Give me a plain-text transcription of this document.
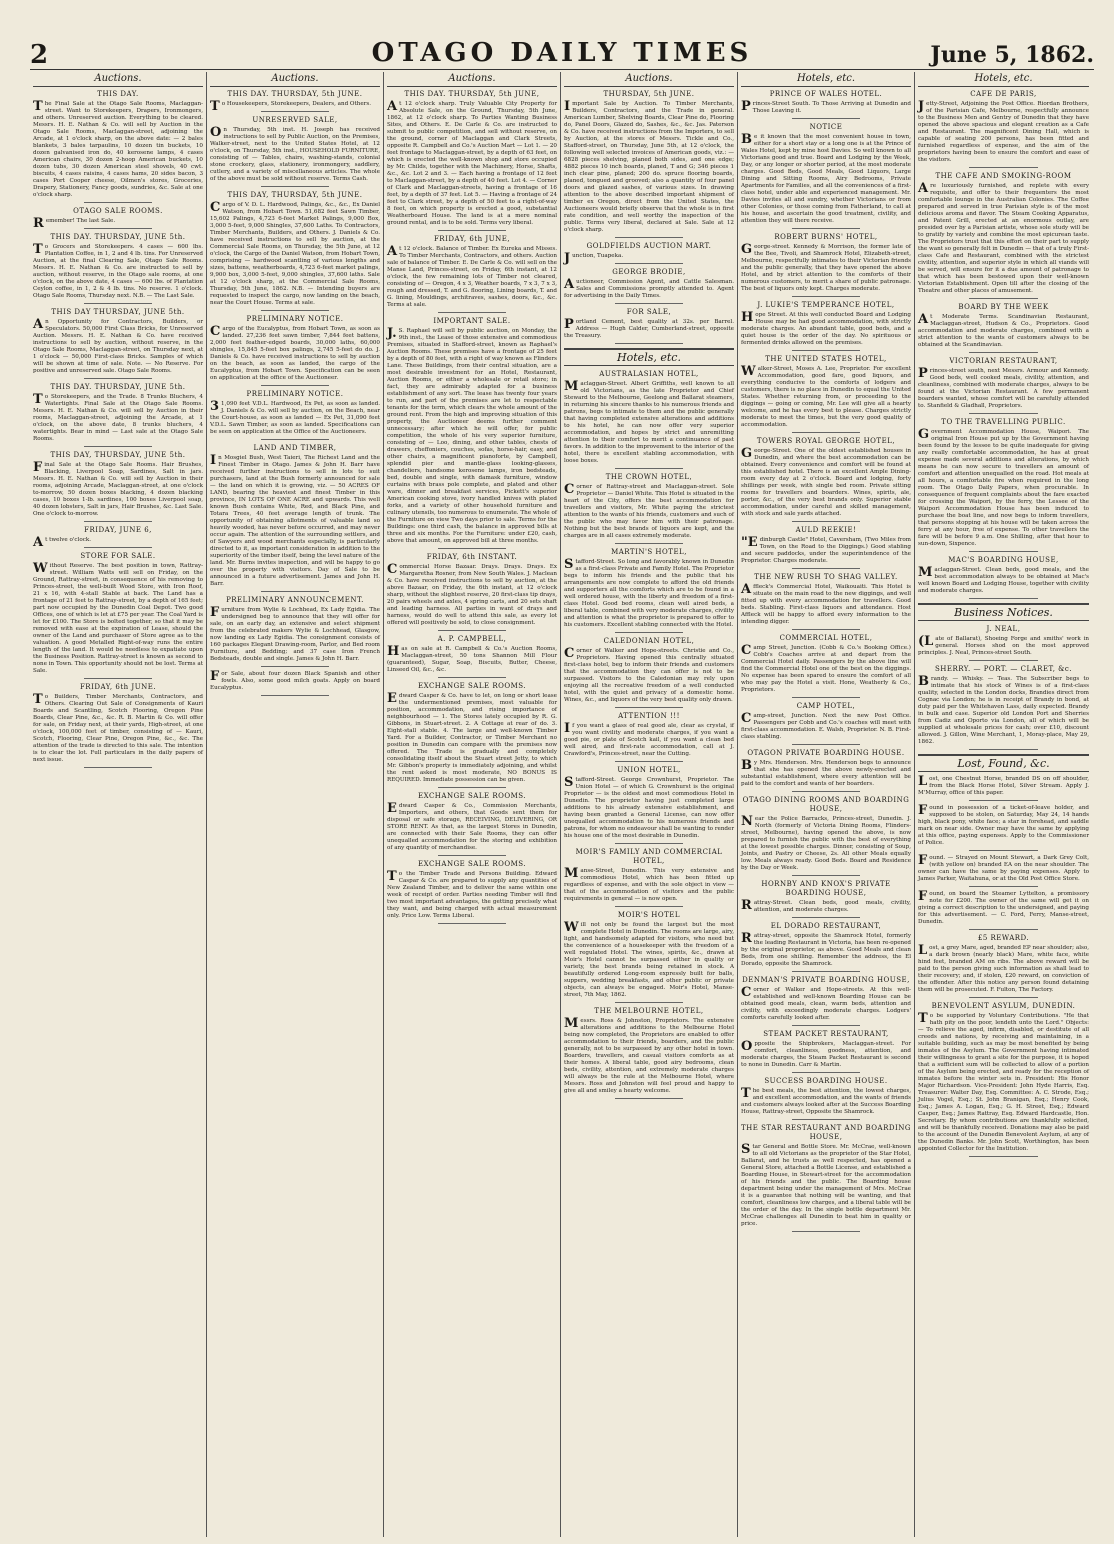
2	OTAGO DAILY TIMES	June 5, 1862.
Auctions.
THIS DAY.
The Final Sale at the Otago Sale Rooms, Maclaggan-street. Want to Storekeepers, Drapers, Ironmongers, and others. Unreserved auction. Everything to be cleared. Messrs. H. E. Nathan & Co. will sell by Auction in the Otago Sale Rooms, Maclaggan-street, adjoining the Arcade, at 1 o'clock sharp, on the above date: — 2 bales blankets, 3 bales tarpaulins, 10 dozen tin buckets, 10 dozen galvanised iron do, 40 kerosene lamps, 4 cases American chairs, 30 dozen 2-hoop American buckets, 10 dozen tubs, 30 dozen American steel shovels, 40 cwt. biscuits, 4 cases raisins, 4 cases hams, 20 sides bacon, 3 cases Port Cooper cheese, Oilmen's stores, Groceries, Drapery, Stationery, Fancy goods, sundries, &c. Sale at one o'clock sharp.
OTAGO SALE ROOMS.
Remember! The last Sale.
THIS DAY. THURSDAY, JUNE 5th.
To Grocers and Storekeepers. 4 cases — 600 lbs. Plantation Coffee, in 1, 2 and 4 lb. tins. For Unreserved Auction, at the final Clearing Sale, Otago Sale Rooms. Messrs. H. E. Nathan & Co. are instructed to sell by auction, without reserve, in the Otago sale rooms, at one o'clock, on the above date, 4 cases — 600 lbs. of Plantation Ceylon coffee, in 1, 2 & 4 lb. tins. No reserve. 1 o'clock. Otago Sale Rooms, Thursday next. N.B. — The Last Sale.
THIS DAY THURSDAY, JUNE 5th.
An Opportunity for Contractors, Builders, or Speculators. 50,000 First Class Bricks, for Unreserved Auction. Messrs. H. E. Nathan & Co. have received instructions to sell by auction, without reserve, in the Otago Sale Rooms, Maclaggan-street, on Thursday next, at 1 o'clock — 50,000 First-class Bricks. Samples of which will be shown at time of sale. Note. — No Reserve. For positive and unreserved sale. Otago Sale Rooms.
THIS DAY. THURSDAY, JUNE 5th.
To Storekeepers, and the Trade. 8 Trunks Bluchers, 4 Watertights. Final Sale at the Otago Sale Rooms. Messrs. H. E. Nathan & Co. will sell by Auction in their rooms, Maclaggan-street, adjoining the Arcade, at 1 o'clock, on the above date, 8 trunks bluchers, 4 watertights. Bear in mind — Last sale at the Otago Sale Rooms.
THIS DAY, THURSDAY, JUNE 5th.
Final Sale at the Otago Sale Rooms. Hair Brushes, Blacking, Liverpool Soap, Sardines, Salt in jars. Messrs. H. E. Nathan & Co. will sell by Auction in their rooms, adjoining Arcade, Maclaggan-street, at one o'clock to-morrow, 50 dozen boxes blacking, 4 dozen blacking cases, 10 boxes 1-lb. sardines, 100 boxes Liverpool soap, 40 dozen lobsters, Salt in jars, Hair Brushes, &c. Last Sale. One o'clock to-morrow.
FRIDAY, JUNE 6,
At twelve o'clock.
STORE FOR SALE.
Without Reserve. The best position in town, Rattray-street. William Watts will sell on Friday, on the Ground, Rattray-street, in consequence of his removing to Princes-street, the well-built Wood Store, with Iron Roof, 21 x 16, with 4-stall Stable at back. The Land has a frontage of 21 feet to Rattray-street, by a depth of 165 feet; part now occupied by the Dunedin Coal Depot. Two good Offices, one of which is let at £75 per year. The Coal Yard is let for £100. The Store is bolted together, so that it may be removed with ease at the expiration of Lease, should the owner of the Land and purchaser of Store agree as to the valuation. A good Metalled Right-of-way runs the entire length of the land. It would be needless to expatiate upon the Business Position. Rattray-street is known as second to none in Town. This opportunity should not be lost. Terms at Sale.
FRIDAY, 6th JUNE.
To Builders, Timber Merchants, Contractors, and Others. Clearing Out Sale of Consignments of Kauri Boards and Scantling, Scotch Flooring, Oregon Pine Boards, Clear Pine, &c., &c. R. B. Martin & Co. will offer for sale, on Friday next, at their yards, High-street, at one o'clock, 100,000 feet of timber, consisting of — Kauri, Scotch, Flooring, Clear Pine, Oregon Pine, &c., &c. The attention of the trade is directed to this sale. The intention is to clear the lot. Full particulars in the daily papers of next issue.
Auctions.
THIS DAY. THURSDAY, 5th JUNE.
To Housekeepers, Storekeepers, Dealers, and Others.
UNRESERVED SALE,
On Thursday, 5th inst. H. Joseph has received instructions to sell by Public Auction, on the Premises, Walker-street, next to the United States Hotel, at 12 o'clock, on Thursday, 5th inst., HOUSEHOLD FURNITURE, consisting of — Tables, chairs, washing-stands, colonial stone crockery, glass, stationery, ironmongery, saddlery, cutlery, and a variety of miscellaneous articles. The whole of the above must be sold without reserve. Terms Cash.
THIS DAY, THURSDAY, 5th JUNE.
Cargo of V. D. L. Hardwood, Palings, &c., &c., Ex Daniel Watson, from Hobart Town. 51,682 feet Sawn Timber, 15,602 Palings, 4,723 6-feet Market Palings, 9,000 Box, 3,000 5-feet, 9,000 Shingles, 37,600 Laths. To Contractors, Timber Merchants, Builders, and Others. J. Daniels & Co. have received instructions to sell by auction, at the Commercial Sale Rooms, on Thursday, the 5th June, at 12 o'clock, the Cargo of the Daniel Watson, from Hobart Town, comprising — hardwood scantling of various lengths and sizes, battens, weatherboards, 4,723 6-feet market palings, 9,900 box, 3,000 5-feet, 9,000 shingles, 37,600 laths. Sale at 12 o'clock sharp, at the Commercial Sale Rooms, Thursday, 5th June, 1862. N.B. — Intending buyers are requested to inspect the cargo, now landing on the beach, near the Court House. Terms at sale.
PRELIMINARY NOTICE.
Cargo of the Eucalyptus, from Hobart Town, as soon as landed. 27,236 feet sawn timber, 7,844 feet battens, 2,000 feet feather-edged boards, 30,000 laths, 60,000 shingles, 15,845 5-feet box palings, 2,745 5-feet do do. J. Daniels & Co. have received instructions to sell by auction on the beach, as soon as landed, the cargo of the Eucalyptus, from Hobart Town. Specification can be seen on application at the office of the Auctioneer.
PRELIMINARY NOTICE.
31,090 feet V.D.L. Hardwood, Ex Pet, as soon as landed. J. Daniels & Co. will sell by auction, on the Beach, near the Court-house, as soon as landed — Ex Pet, 31,090 feet V.D.L. Sawn Timber, as soon as landed. Specifications can be seen on application at the Office of the Auctioneers.
LAND AND TIMBER,
In Mosgiel Bush, West Taieri, The Richest Land and the Finest Timber in Otago. James & John H. Barr have received further instructions to sell in lots to suit purchasers, land at the Bush formerly announced for sale — the land on which it is growing, viz. — 50 ACRES OF LAND, bearing the heaviest and finest Timber in this province, IN LOTS OF ONE ACRE and upwards. This well known Bush contains White, Red, and Black Pine, and Totara Trees, 40 feet average length of trunk. The opportunity of obtaining allotments of valuable land so heavily wooded, has never before occurred, and may never occur again. The attention of the surrounding settlers, and of Sawyers and wood merchants especially, is particularly directed to it, as important consideration in addition to the superiority of the timber itself, being the level nature of the land. Mr. Burns invites inspection, and will be happy to go over the property with visitors. Day of Sale to be announced in a future advertisement. James and John H. Barr.
PRELIMINARY ANNOUNCEMENT.
Furniture from Wylie & Lochhead, Ex Lady Egidia. The undersigned beg to announce that they will offer for sale, on an early day, an extensive and select shipment from the celebrated makers Wylie & Lochhead, Glasgow, now landing ex Lady Egidia. The consignment consists of 160 packages Elegant Drawing-room, Parlor, and Bed room Furniture, and Bedding; and 37 case Iron French Bedsteads, double and single. James & John H. Barr.
For Sale, about four dozen Black Spanish and other fowls. Also, some good milch goats. Apply on board Eucalyptus.
Auctions.
THIS DAY. THURSDAY, 5th JUNE,
At 12 o'clock sharp. Truly Valuable City Property for Absolute Sale, on the Ground, Thursday, 5th June, 1862, at 12 o'clock sharp. To Parties Wanting Business Sites, and Others. E. De Carle & Co. are instructed to submit to public competition, and sell without reserve, on the ground, corner of Maclaggan and Clark Streets, opposite R. Campbell and Co.'s Auction Mart — Lot 1. — 20 feet frontage to Maclaggan-street, by a depth of 63 feet, on which is erected the well-known shop and store occupied by Mr. Childs, together with the Machinery, Horse, Shafts, &c., &c. Lot 2 and 3. — Each having a frontage of 12 feet to Maclaggan-street, by a depth of 40 feet. Lot 4. — Corner of Clark and Maclaggan-streets, having a frontage of 16 feet, by a depth of 37 feet. Lot 5. — Having a frontage of 24 feet to Clark street, by a depth of 50 feet to a right-of-way 8 feet, on which property is erected a good, substantial Weatherboard House. The land is at a mere nominal ground rental, and is to be sold. Terms very liberal.
FRIDAY, 6th JUNE,
At 12 o'clock. Balance of Timber. Ex Eureka and Misses. To Timber Merchants, Contractors, and others. Auction sale of balance of Timber. E. De Carle & Co. will sell on the Manse Land, Princes-street, on Friday, 6th instant, at 12 o'clock, the few remaining lots of Timber not cleared, consisting of — Oregon, 4 x 3, Weather boards, 7 x 3, 7 x 3, rough and dressed, T. and G. flooring, Lining boards, T. and G. lining, Mouldings, architraves, sashes, doors, &c., &c. Terms at sale.
IMPORTANT SALE.
J.S. Raphael will sell by public auction, on Monday, the 9th inst., the Lease of those extensive and commodious Premises, situated in Stafford-street, known as Raphael's Auction Rooms. These premises have a frontage of 25 feet by a depth of 80 feet, with a right of way known as Flinders Lane. These Buildings, from their central situation, are a most desirable investment for an Hotel, Restaurant, Auction Rooms, or either a wholesale or retail store; in fact, they are admirably adapted for a business establishment of any sort. The lease has twenty four years to run, and part of the premises are let to respectable tenants for the term, which clears the whole amount of the ground rent. From the high and improving situation of this property, the Auctioneer deems further comment unnecessary; after which he will offer, for public competition, the whole of his very superior furniture, consisting of — Loo, dining, and other tables, chests of drawers, cheffoniers, couches, sofas, horse-hair, easy, and other chairs, a magnificent pianoforte, by Campbell, splendid pier and mantle-glass looking-glasses, chandeliers, handsome kerosene lamps, iron bedsteads, bed, double and single, with damask furniture, window curtains with brass pole complete, and plated and other ware, dinner and breakfast services, Pickett's superior American cooking stove, ivory handled knives with plated forks, and a variety of other household furniture and culinary utensils, too numerous to enumerate. The whole of the Furniture on view Two days prior to sale. Terms for the Buildings: one third cash, the balance in approved bills at three and six months. For the Furniture: under £20, cash, above that amount, on approved bill at three months.
FRIDAY, 6th INSTANT.
Commercial Horse Bazaar. Drays. Drays. Drays. Ex Margaretha Rosner, from New South Wales. J. Maclean & Co. have received instructions to sell by auction, at the above Bazaar, on Friday, the 6th instant, at 12 o'clock sharp, without the slightest reserve, 20 first-class tip drays, 20 pairs wheels and axles, 4 spring carts, and 20 sets shaft and leading harness. All parties in want of drays and harness, would do well to attend this sale, as every lot offered will positively be sold, to close consignment.
A. P. CAMPBELL,
Has on sale at R. Campbell & Co.'s Auction Rooms, Maclaggan-street, 50 tons Shannon Mill Flour (guaranteed), Sugar, Soap, Biscuits, Butter, Cheese, Linseed Oil, &c., &c.
EXCHANGE SALE ROOMS.
Edward Casper & Co. have to let, on long or short lease the undermentioned premises, most valuable for position, accommodation, and rising importance of neighbourhood — 1. The Stores lately occupied by R. G. Gibbons, in Stuart-street. 2. A Cottage at rear of do. 3. Eight-stall stable. 4. The large and well-known Timber Yard. For a Builder, Contractor, or Timber Merchant no position in Dunedin can compare with the premises now offered. The Trade is gradually and completely consolidating itself about the Stuart street Jetty, to which Mr. Gibbon's property is immediately adjoining, and whilst the rent asked is most moderate, NO BONUS IS REQUIRED. Immediate possession can be given.
EXCHANGE SALE ROOMS.
Edward Casper & Co., Commission Merchants, Importers, and others, that Goods sent them for disposal or safe storage, RECEIVING, DELIVERING, OR STORE RENT. As that, as the largest Stores in Dunedin, are connected with their Sale Rooms, they can offer unequalled accommodation for the storing and exhibition of any quantity of merchandise.
EXCHANGE SALE ROOMS.
To the Timber Trade and Persons Building. Edward Caspar & Co. are prepared to supply any quantities of New Zealand Timber, and to deliver the same within one week of receipt of order. Parties needing Timber will find two most important advantages, the getting precisely what they want, and being charged with actual measurement only. Price Low. Terms Liberal.
Auctions.
THURSDAY, 5th JUNE.
Important Sale by Auction. To Timber Merchants, Builders, Contractors, and the Trade in general. American Lumber, Shelving Boards, Clear Pine do, Flooring do, Panel Doors, Glazed do, Sashes, &c., &c. Jas. Paterson & Co. have received instructions from the Importers, to sell by Auction, at the stores of Messrs. Tickle and Co., Stafford-street, on Thursday, June 5th, at 12 o'clock, the following well selected invoices of American goods, viz.: — 6828 pieces shelving, planed both sides, and one edge; 4882 pieces 10 inch boards, planed, T and G; 346 pieces 1 inch clear pine, planed; 200 do. spruce flooring boards, planed, tongued and grooved; also a quantity of four panel doors and glazed sashes, of various sizes. In drawing attention to the above described important shipment of timber ex Oregon, direct from the United States, the Auctioneers would briefly observe that the whole is in first rate condition, and well worthy the inspection of the public. Terms very liberal, declared at Sale. Sale at 12 o'clock sharp.
GOLDFIELDS AUCTION MART.
Junction, Tuapeka.
GEORGE BRODIE,
Auctioneer, Commission Agent, and Cattle Salesman. Sales and Commissions promptly attended to. Agent for advertising in the Daily Times.
FOR SALE,
Portland Cement, best quality at 32s. per Barrel. Address — Hugh Calder, Cumberland-street, opposite the Treasury.
Hotels, etc.
AUSTRALASIAN HOTEL,
Maclaggan-Street. Albert Griffiths, well known to all old Victorians, as the late Proprietor and Chief Steward to the Melbourne, Geelong and Ballarat steamers, in returning his sincere thanks to his numerous friends and patrons, begs to intimate to them and the public generally that having completed extensive alterations and additions to his hotel, he can now offer very superior accommodation, and hopes by strict and unremitting attention to their comfort to merit a continuance of past favors. In addition to the improvement to the interior of the hotel, there is excellent stabling accommodation, with loose boxes.
THE CROWN HOTEL,
Corner of Rattray-street and Maclaggan-street. Sole Proprietor — Daniel White. This Hotel is situated in the heart of the City, offers the best accommodation for travellers and visitors, Mr. White paying the strictest attention to the wants of his friends, customers and such of the public who may favor him with their patronage. Nothing but the best brands of liquors are kept, and the charges are in all cases extremely moderate.
MARTIN'S HOTEL,
Stafford-Street. So long and favorably known in Dunedin as a first-class Private and Family Hotel. The Proprietor begs to inform his friends and the public that his arrangements are now complete to afford the old friends and supporters all the comforts which are to be found in a well ordered house, with the liberty and freedom of a first-class Hotel. Good bed rooms, clean well aired beds, a liberal table, combined with very moderate charges, civility and attention is what the proprietor is prepared to offer to his customers. Excellent stabling connected with the Hotel.
CALEDONIAN HOTEL,
Corner of Walker and Hope-streets. Christie and Co., Proprietors. Having opened this centrally situated first-class hotel, beg to inform their friends and customers that the accommodation they can offer is not to be surpassed. Visitors to the Caledonian may rely upon enjoying all the recreative freedom of a well conducted hotel, with the quiet and privacy of a domestic home. Wines, &c., and liquors of the very best quality only drawn.
ATTENTION !!!
If you want a glass of real good ale, clear as crystal, if you want civility and moderate charges, if you want a good pie, or plate of Scotch kail, if you want a clean bed well aired, and first-rate accommodation, call at J. Crawford's, Princes-street, near the Cutting.
UNION HOTEL,
Stafford-Street. George Crownhurst, Proprietor. The Union Hotel — of which G. Crownhurst is the original Proprietor — is the oldest and most commodious Hotel in Dunedin. The proprietor having just completed large additions to his already extensive establishment, and having been granted a General License, can now offer unequalled accommodation to his numerous friends and patrons, for whom no endeavour shall be wanting to render his house one of the most desirable in Dunedin.
MOIR'S FAMILY AND COMMERCIAL HOTEL,
Manse-Street, Dunedin. This very extensive and commodious Hotel, which has been fitted up regardless of expense, and with the sole object in view — that of the accommodation of visitors and the public requirements in general — is now open.
MOIR'S HOTEL
Will not only be found the largest but the most complete Hotel in Dunedin. The rooms are large, airy, light, and handsomely adapted for visitors, who need but the convenience of a housekeeper with the freedom of a well regulated Hotel. The wines, spirits, &c., drawn at Moir's Hotel cannot be surpassed either in quality or variety, the best brands being retained in stock. A beautifully ordered Long-room expressly built for balls, suppers, wedding breakfasts, and other public or private objects, can always be engaged. Moir's Hotel, Manse-street, 7th May, 1862.
THE MELBOURNE HOTEL,
Messrs. Ross & Johnston, Proprietors. The extensive alterations and additions to the Melbourne Hotel being now completed, the Proprietors are enabled to offer accommodation to their friends, boarders, and the public generally, not to be surpassed by any other hotel in town. Boarders, travellers, and casual visitors comforts as at their homes. A liberal table, good airy bedrooms, clean beds, civility, attention, and extremely moderate charges will always be the rule at the Melbourne Hotel, where Messrs. Ross and Johnston will feel proud and happy to give all and smiley a hearty welcome.
Hotels, etc.
PRINCE OF WALES HOTEL.
Princes-Street South. To Those Arriving at Dunedin and Those Leaving it.
NOTICE
Be it known that the most convenient house in town, either for a short stay or a long one is at the Prince of Wales Hotel, kept by mine host Davies. So well known to all Victorians good and true. Board and Lodging by the Week, Day, or any longer or shorter period, at the most moderate charges. Good Beds, Good Meals, Good Liquors, Large Dining and Sitting Rooms, Airy Bedrooms, Private Apartments for Families, and all the conveniences of a first-class hotel, under able and experienced management. Mr. Davies invites all and sundry, whether Victorians or from other Colonies, or those coming from Fatherland, to call at his house, and ascertain the good treatment, civility, and attention they will there receive.
ROBERT BURNS' HOTEL,
George-street. Kennedy & Morrison, the former late of the Bee, Tivoli, and Shamrock Hotel, Elizabeth-street, Melbourne, respectfully intimates to their Victorian friends and the public generally, that they have opened the above Hotel, and by strict attention to the comforts of their numerous customers, to merit a share of public patronage. The best of liquors only kept. Charges moderate.
J. LUKIE'S TEMPERANCE HOTEL,
Hope Street. At this well conducted Board and Lodging House may be had good accommodation, with strictly moderate charges. An abundant table, good beds, and a quiet house is the order of the day. No spirituous or fermented drinks allowed on the premises.
THE UNITED STATES HOTEL,
Walker-Street, Moses A. Lee, Proprietor. For excellent Accommodation, good fare, good liquors, and everything conducive to the comforts of lodgers and customers, there is no place in Dunedin to equal the United States. Whether returning from, or proceeding to the diggings — going or coming, Mr. Lee will give all a hearty welcome, and he has every best to please. Charges strictly moderate to meet the times, but the very good quality of accommodation.
TOWERS ROYAL GEORGE HOTEL,
George-Street. One of the oldest established houses in Dunedin, and where the best accommodation can be obtained. Every convenience and comfort will be found at this established hotel. There is an excellent Ample Dining-room every day at 2 o'clock. Board and lodging, forty shillings per week, with single bed room. Private sitting rooms for travellers and boarders. Wines, spirits, ale, porter, &c., of the very best brands only. Superior stable accommodation, under careful and skilled management, with stock and sale yards attached.
AULD REEKIE!
"Edinburgh Castle" Hotel, Caversham, (Two Miles from Town, on the Road to the Diggings.) Good stabling and secure paddocks, under the superintendence of the Proprietor. Charges moderate.
THE NEW RUSH TO SHAG VALLEY.
Affleck's Commercial Hotel, Waikouaiti. This Hotel is situate on the main road to the new diggings, and well fitted up with every accommodation for travellers. Good beds. Stabling. First-class liquors and attendance. Host Affleck will be happy to afford every information to the intending digger.
COMMERCIAL HOTEL,
Camp Street, Junction. (Cobb & Co.'s Booking Office.) Cobb's Coaches arrive at and depart from the Commercial Hotel daily. Passengers by the above line will find the Commercial Hotel one of the best on the diggings. No expense has been spared to ensure the comfort of all who may pay the Hotel a visit. Hone, Weatherly & Co., Proprietors.
CAMP HOTEL,
Camp-street, Junction. Next the new Post Office. Passengers per Cobb and Co.'s coaches will meet with first-class accommodation. E. Walsh, Proprietor. N. B. First-class stabling.
OTAGON PRIVATE BOARDING HOUSE.
By Mrs. Henderson. Mrs. Henderson begs to announce that she has opened the above newly-erected and substantial establishment, where every attention will be paid to the comfort and wants of her boarders.
OTAGO DINING ROOMS AND BOARDING HOUSE,
Near the Police Barracks, Princes-street, Dunedin. J. North (formerly of Victoria Dining Rooms, Flinders-street, Melbourne), having opened the above, is now prepared to furnish the public with the best of everything at the lowest possible charges. Dinner, consisting of Soup, Joints, and Pastry or Cheese, 2s. All other Meals equally low. Meals always ready. Good Beds. Board and Residence by the Day or Week.
HORNBY AND KNOX'S PRIVATE BOARDING HOUSE,
Rattray-Street. Clean beds, good meals, civility, attention, and moderate charges.
EL DORADO RESTAURANT,
Rattray-street, opposite the Shamrock Hotel, formerly the leading Restaurant in Victoria, has been re-opened by the original proprietor, as above. Good Meals and clean Beds, from one shilling. Remember the address, the El Dorado, opposite the Shamrock.
DENMAN'S PRIVATE BOARDING HOUSE,
Corner of Walker and Hope-streets. At this well-established and well-known Boarding House can be obtained good meals, clean, warm beds, attention and civility, with exceedingly moderate charges. Lodgers' comforts carefully looked after.
STEAM PACKET RESTAURANT,
Opposite the Shipbrokers, Maclaggan-street. For comfort, cleanliness, goodness, attention, and moderate charges, the Steam Packet Restaurant is second to none in Dunedin. Carr & Martin.
SUCCESS BOARDING HOUSE.
The best meals, the best attention, the lowest charges, and excellent accommodation, and the wants of friends and customers always looked after at the Success Boarding House, Rattray-street, Opposite the Shamrock.
THE STAR RESTAURANT AND BOARDING HOUSE,
Star General and Bottle Store. Mr. McCrae, well-known to all old Victorians as the proprietor of the Star Hotel, Ballarat, and he trusts as well respected, has opened a General Store, attached a Bottle License, and established a Boarding House, in Stewart-street for the accommodation of his friends and the public. The Boarding house department being under the management of Mrs. McCrae it is a guarantee that nothing will be wanting, and that comfort, cleanliness low charges, and a liberal table will be the order of the day. In the single bottle department Mr. McCrae challenges all Dunedin to beat him in quality or price.
Hotels, etc.
CAFE DE PARIS,
Jetty-Street, Adjoining the Post Office. Riordan Brothers, of the Parisian Cafe, Melbourne, respectfully announce to the Business Men and Gentry of Dunedin that they have opened the above spacious and elegant creation as a Cafe and Restaurant. The magnificent Dining Hall, which is capable of seating 200 persons, has been fitted and furnished regardless of expense, and the aim of the proprietors having been to ensure the comfort and ease of the visitors.
THE CAFE AND SMOKING-ROOM
Are luxuriously furnished, and replete with every requisite, and offer to their frequenters the most comfortable lounge in the Australian Colonies. The Coffee prepared and served in true Parisian style is of the most delicious aroma and flavor. The Steam Cooking Apparatus, and Patent Grill, erected at an enormous outlay, are presided over by a Parisian artiste, whose sole study will be to gratify by variety and combine the most epicurean taste. The Proprietors trust that this effort on their part to supply the want so generally felt in Dunedin — that of a truly First-class Cafe and Restaurant, combined with the strictest civility, attention, and superior style in which all viands will be served, will ensure for it a due amount of patronage to that which has been bestowed upon their well-known Victorian Establishment. Open till after the closing of the Theatre and other places of amusement.
BOARD BY THE WEEK
At Moderate Terms. Scandinavian Restaurant, Maclaggan-street, Hudson & Co., Proprietors. Good accommodation and moderate charges, combined with a strict attention to the wants of customers always to be obtained at the Scandinavian.
VICTORIAN RESTAURANT,
Princes-street south, next Messrs. Armour and Kennedy. Good beds, well cooked meals, civility, attention, and cleanliness, combined with moderate charges, always to be found at the Victorian Restaurant. A few permanent boarders wanted, whose comfort will be carefully attended to. Stanfield & Gladhall, Proprietors.
TO THE TRAVELLING PUBLIC.
Government Accommodation House, Waipori. The original Iron House put up by the Government having been found by the lessee to be quite inadequate for giving any really comfortable accommodation, he has at great expense made several additions and alterations, by which means he can now secure to travellers an amount of comfort and attention unequalled on the road. Hot meals at all hours, a comfortable fire when required in the long room. The Otago Daily Papers, when procurable. In consequence of frequent complaints about the fare exacted for crossing the Waipori, by the ferry, the Lessee of the Waipori Accommodation House has been induced to purchase the boat line, and now begs to inform travellers, that persons stopping at his house will be taken across the ferry at any hour, free of expense. To other travellers the fare will be before 9 a.m. One Shilling, after that hour to sun-down, Sixpence.
MAC'S BOARDING HOUSE,
Maclaggan-Street. Clean beds, good meals, and the best accommodation always to be obtained at Mac's well known Board and Lodging House, together with civility and moderate charges.
Business Notices.
J. NEAL,
(Late of Ballarat), Shoeing Forge and smiths' work in general. Horses shod on the most approved principles. J. Neal, Princes-street South.
SHERRY. — PORT. — CLARET, &c.
Brandy. — Whisky. — Teas. The Subscriber begs to intimate that his stock of Wines is of a first-class quality, selected in the London docks, Brandies direct from Cognac via London; he is in receipt of Brandy in bond, at duty paid per the Whitehaven Lass, daily expected. Brandy in bulk and case. Superior old London Port and Sherries from Cadiz and Oporto via London, all of which will be supplied at wholesale prices for cash; over £10, discount allowed. J. Gillon, Wine Merchant, 1, Moray-place, May 29, 1862.
Lost, Found, &c.
Lost, one Chestnut Horse, branded DS on off shoulder, from the Black Horse Hotel, Silver Stream. Apply J. M'Murray, office of this paper.
Found in possession of a ticket-of-leave holder, and supposed to be stolen, on Saturday, May 24, 14 hands high, black pony, white face; a star in forehead, and saddle mark on near side. Owner may have the same by applying at this office, paying expenses. Apply to the Commissioner of Police.
Found. — Strayed on Mount Stewart, a Dark Grey Colt, (with yellow on) branded EA on the near shoulder. The owner can have the same by paying expenses. Apply to James Parker, Waitahuna, or at the Old Post Office Store.
Found, on board the Steamer Lyttelton, a promissory note for £200. The owner of the same will get it on giving a correct description to the undersigned, and paying for this advertisement. — C. Ford, Ferry, Manse-street, Dunedin.
£5 REWARD.
Lost, a grey Mare, aged, branded EP near shoulder; also, a dark brown (nearly black) Mare, white face, white hind feet, branded AM on ribs. The above reward will be paid to the person giving such information as shall lead to their recovery; and, if stolen, £20 reward, on conviction of the offender. After this notice any person found detaining them will be prosecuted. F. Fulton, The Factory.
BENEVOLENT ASYLUM, DUNEDIN.
To be supported by Voluntary Contributions. "He that hath pity on the poor, lendeth unto the Lord." Objects: — To relieve the aged, infirm, disabled, or destitute of all creeds and nations, by receiving and maintaining, in a suitable building, such as may be most benefited by being inmates of the Asylum. The Government having intimated their willingness to grant a site for the purpose, it is hoped that a sufficient sum will be collected to allow of a portion of the Asylum being erected, and ready for the reception of inmates before the winter sets in. President: His Honor Major Richardson. Vice-President: John Hyde Harris, Esq. Treasurer: Walter Day, Esq. Committee: A. C. Strode, Esq.; Julius Vogel, Esq.; St. John Branigan, Esq.; Henry Cook, Esq.; James A. Logan, Esq.; G. H. Street, Esq.; Edward Casper, Esq.; James Rattray, Esq. Edward Hardcastle, Hon. Secretary. By whom contributions are thankfully solicited, and will be thankfully received. Donations may also be paid to the account of the Dunedin Benevolent Asylum, at any of the Dunedin Banks. Mr. John Scott, Worthington, has been appointed Collector for the Institution.
